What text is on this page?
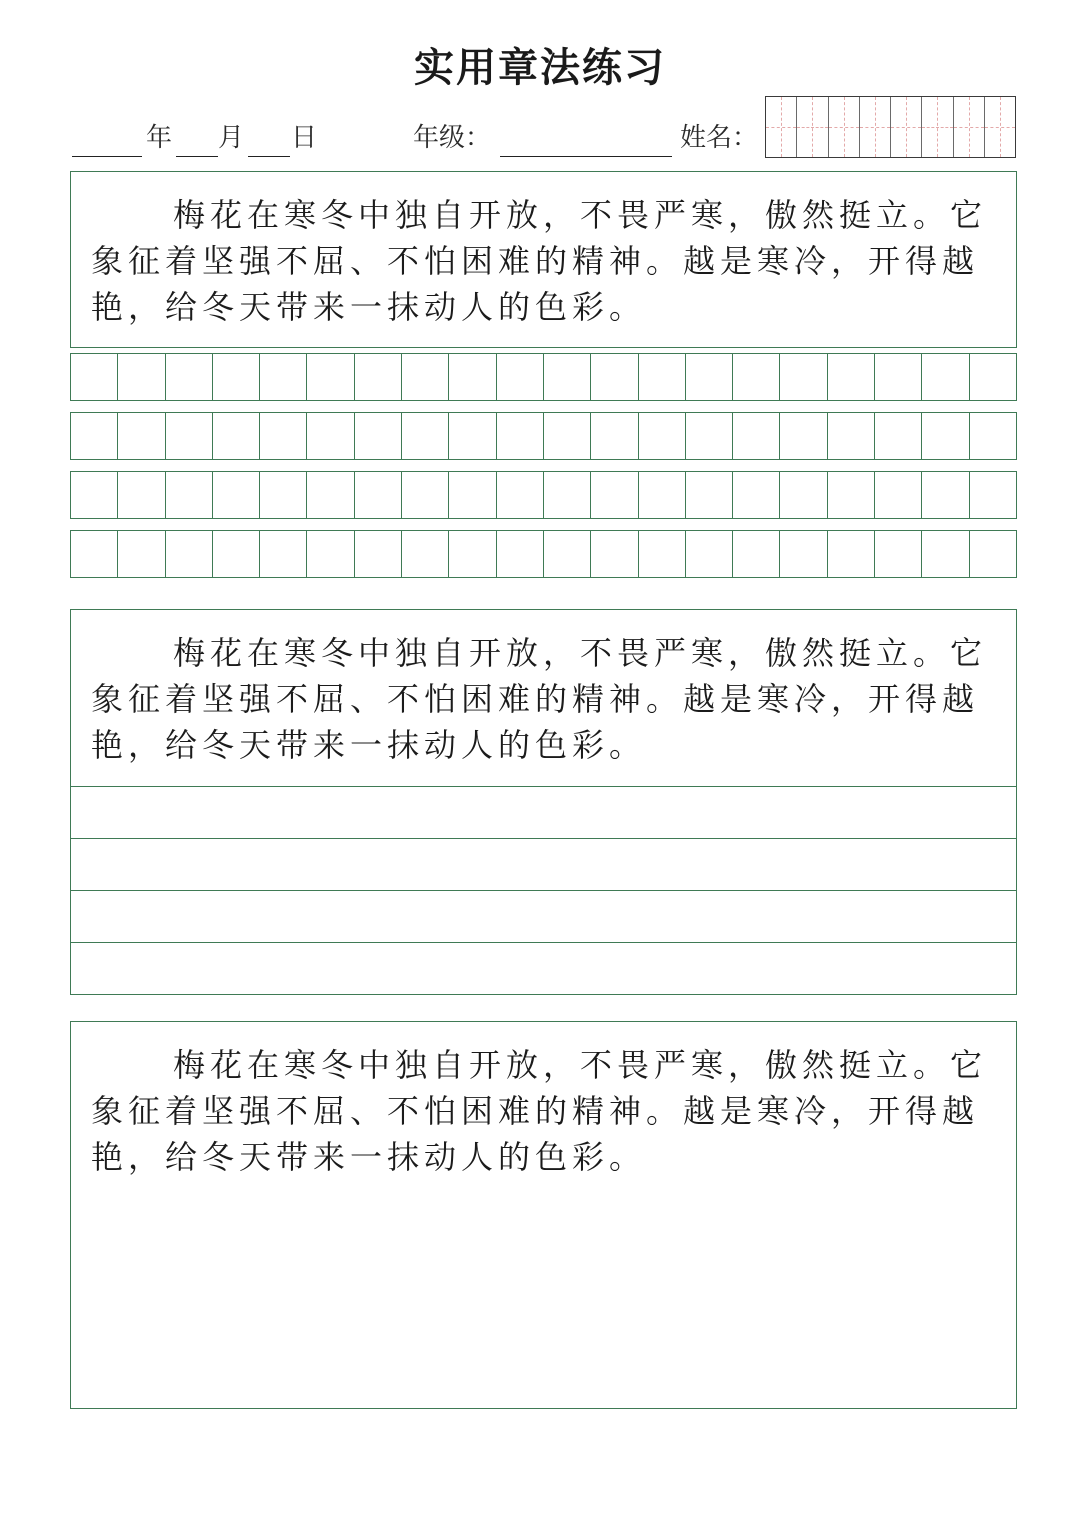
实用章法练习
年 月 日	年级：	姓名：

梅花在寒冬中独自开放，不畏严寒，傲然挺立。它象征着坚强不屈、不怕困难的精神。越是寒冷，开得越艳，给冬天带来一抹动人的色彩。

梅花在寒冬中独自开放，不畏严寒，傲然挺立。它象征着坚强不屈、不怕困难的精神。越是寒冷，开得越艳，给冬天带来一抹动人的色彩。

梅花在寒冬中独自开放，不畏严寒，傲然挺立。它象征着坚强不屈、不怕困难的精神。越是寒冷，开得越艳，给冬天带来一抹动人的色彩。
